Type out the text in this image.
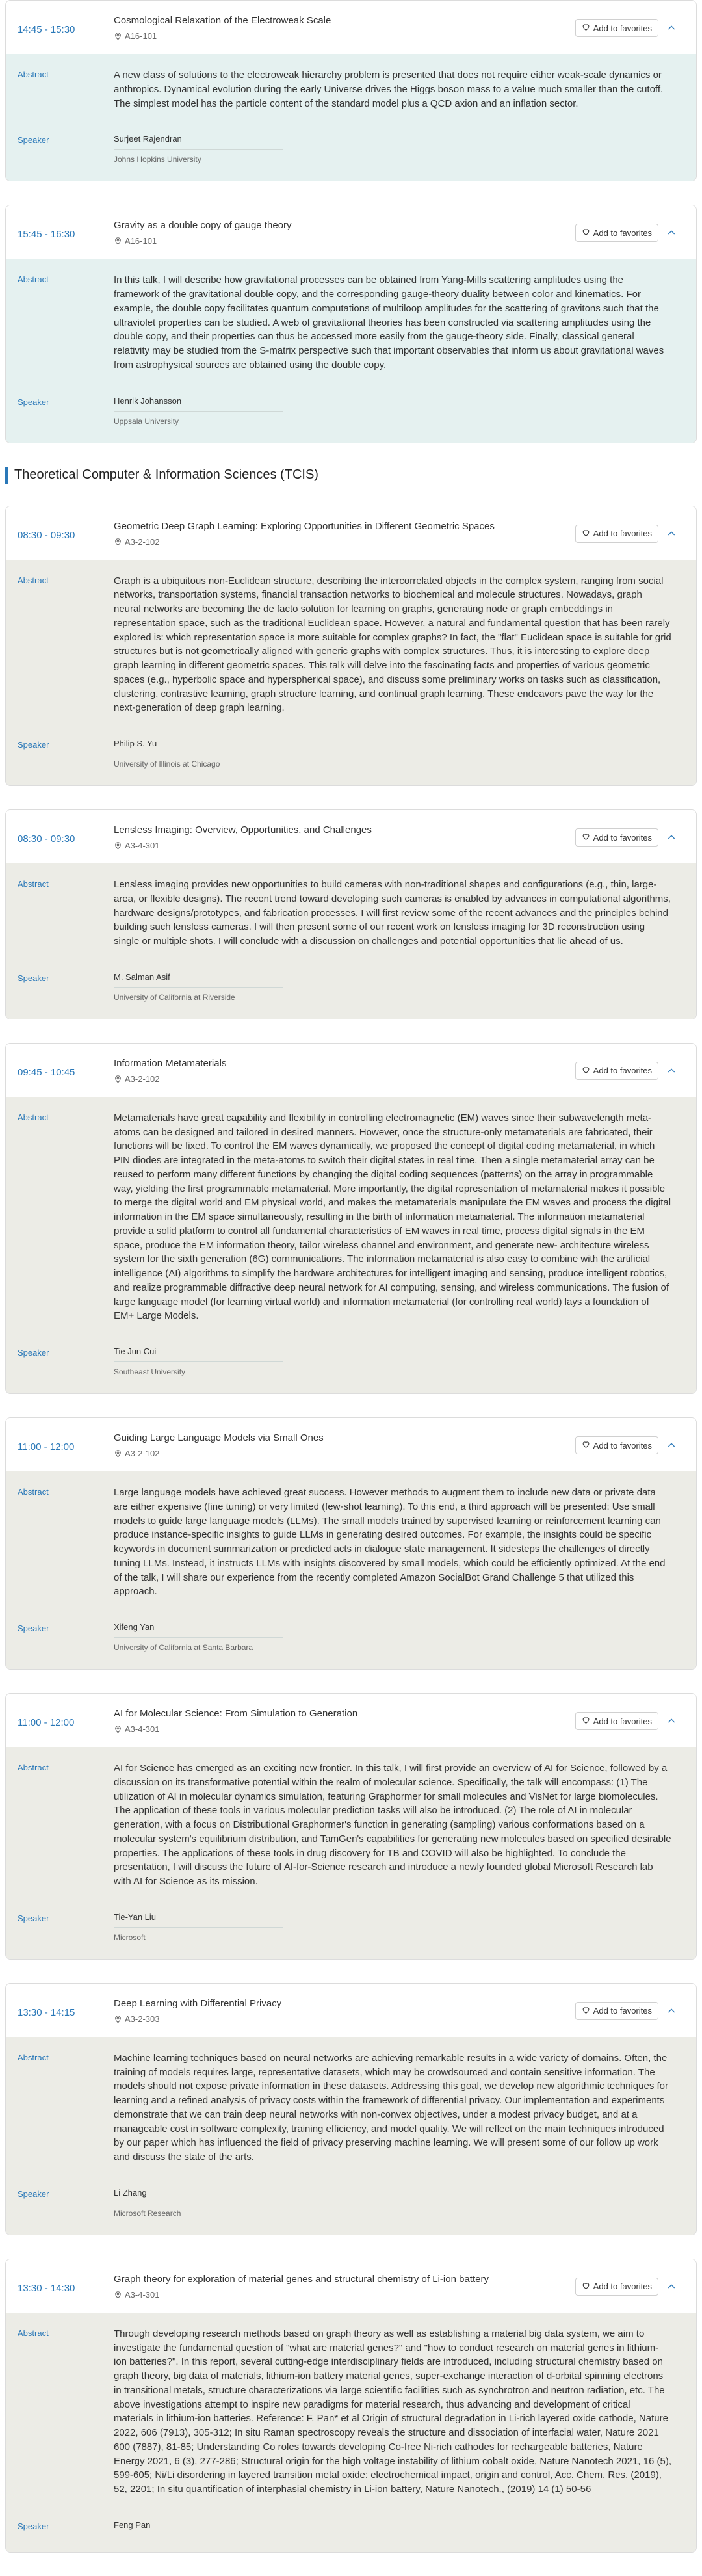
14:45 - 15:30
Cosmological Relaxation of the Electroweak Scale
A16-101
Add to favorites
Abstract	A new class of solutions to the electroweak hierarchy problem is presented that does not require either weak-scale dynamics or anthropics. Dynamical evolution during the early Universe drives the Higgs boson mass to a value much smaller than the cutoff. The simplest model has the particle content of the standard model plus a QCD axion and an inflation sector.
Speaker	Surjeet Rajendran
Johns Hopkins University
15:45 - 16:30
Gravity as a double copy of gauge theory
A16-101
Add to favorites
Abstract	In this talk, I will describe how gravitational processes can be obtained from Yang-Mills scattering amplitudes using the framework of the gravitational double copy, and the corresponding gauge-theory duality between color and kinematics. For example, the double copy facilitates quantum computations of multiloop amplitudes for the scattering of gravitons such that the ultraviolet properties can be studied. A web of gravitational theories has been constructed via scattering amplitudes using the double copy, and their properties can thus be accessed more easily from the gauge-theory side. Finally, classical general relativity may be studied from the S-matrix perspective such that important observables that inform us about gravitational waves from astrophysical sources are obtained using the double copy.
Speaker	Henrik Johansson
Uppsala University
Theoretical Computer & Information Sciences (TCIS)
08:30 - 09:30
Geometric Deep Graph Learning: Exploring Opportunities in Different Geometric Spaces
A3-2-102
Add to favorites
Abstract	Graph is a ubiquitous non-Euclidean structure, describing the intercorrelated objects in the complex system, ranging from social networks, transportation systems, financial transaction networks to biochemical and molecule structures. Nowadays, graph neural networks are becoming the de facto solution for learning on graphs, generating node or graph embeddings in representation space, such as the traditional Euclidean space. However, a natural and fundamental question that has been rarely explored is: which representation space is more suitable for complex graphs? In fact, the "flat" Euclidean space is suitable for grid structures but is not geometrically aligned with generic graphs with complex structures. Thus, it is interesting to explore deep graph learning in different geometric spaces. This talk will delve into the fascinating facts and properties of various geometric spaces (e.g., hyperbolic space and hyperspherical space), and discuss some preliminary works on tasks such as classification, clustering, contrastive learning, graph structure learning, and continual graph learning. These endeavors pave the way for the next-generation of deep graph learning.
Speaker	Philip S. Yu
University of Illinois at Chicago
08:30 - 09:30
Lensless Imaging: Overview, Opportunities, and Challenges
A3-4-301
Add to favorites
Abstract	Lensless imaging provides new opportunities to build cameras with non-traditional shapes and configurations (e.g., thin, large-area, or flexible designs). The recent trend toward developing such cameras is enabled by advances in computational algorithms, hardware designs/prototypes, and fabrication processes. I will first review some of the recent advances and the principles behind building such lensless cameras. I will then present some of our recent work on lensless imaging for 3D reconstruction using single or multiple shots. I will conclude with a discussion on challenges and potential opportunities that lie ahead of us.
Speaker	M. Salman Asif
University of California at Riverside
09:45 - 10:45
Information Metamaterials
A3-2-102
Add to favorites
Abstract	Metamaterials have great capability and flexibility in controlling electromagnetic (EM) waves since their subwavelength meta-atoms can be designed and tailored in desired manners. However, once the structure-only metamaterials are fabricated, their functions will be fixed. To control the EM waves dynamically, we proposed the concept of digital coding metamaterial, in which PIN diodes are integrated in the meta-atoms to switch their digital states in real time. Then a single metamaterial array can be reused to perform many different functions by changing the digital coding sequences (patterns) on the array in programmable way, yielding the first programmable metamaterial. More importantly, the digital representation of metamaterial makes it possible to merge the digital world and EM physical world, and makes the metamaterials manipulate the EM waves and process the digital information in the EM space simultaneously, resulting in the birth of information metamaterial. The information metamaterial provide a solid platform to control all fundamental characteristics of EM waves in real time, process digital signals in the EM space, produce the EM information theory, tailor wireless channel and environment, and generate new- architecture wireless system for the sixth generation (6G) communications. The information metamaterial is also easy to combine with the artificial intelligence (AI) algorithms to simplify the hardware architectures for intelligent imaging and sensing, produce intelligent robotics, and realize programmable diffractive deep neural network for AI computing, sensing, and wireless communications. The fusion of large language model (for learning virtual world) and information metamaterial (for controlling real world) lays a foundation of EM+ Large Models.
Speaker	Tie Jun Cui
Southeast University
11:00 - 12:00
Guiding Large Language Models via Small Ones
A3-2-102
Add to favorites
Abstract	Large language models have achieved great success. However methods to augment them to include new data or private data are either expensive (fine tuning) or very limited (few-shot learning). To this end, a third approach will be presented: Use small models to guide large language models (LLMs). The small models trained by supervised learning or reinforcement learning can produce instance-specific insights to guide LLMs in generating desired outcomes. For example, the insights could be specific keywords in document summarization or predicted acts in dialogue state management. It sidesteps the challenges of directly tuning LLMs. Instead, it instructs LLMs with insights discovered by small models, which could be efficiently optimized. At the end of the talk, I will share our experience from the recently completed Amazon SocialBot Grand Challenge 5 that utilized this approach.
Speaker	Xifeng Yan
University of California at Santa Barbara
11:00 - 12:00
AI for Molecular Science: From Simulation to Generation
A3-4-301
Add to favorites
Abstract	AI for Science has emerged as an exciting new frontier. In this talk, I will first provide an overview of AI for Science, followed by a discussion on its transformative potential within the realm of molecular science. Specifically, the talk will encompass: (1) The utilization of AI in molecular dynamics simulation, featuring Graphormer for small molecules and VisNet for large biomolecules. The application of these tools in various molecular prediction tasks will also be introduced. (2) The role of AI in molecular generation, with a focus on Distributional Graphormer's function in generating (sampling) various conformations based on a molecular system's equilibrium distribution, and TamGen's capabilities for generating new molecules based on specified desirable properties. The applications of these tools in drug discovery for TB and COVID will also be highlighted. To conclude the presentation, I will discuss the future of AI-for-Science research and introduce a newly founded global Microsoft Research lab with AI for Science as its mission.
Speaker	Tie-Yan Liu
Microsoft
13:30 - 14:15
Deep Learning with Differential Privacy
A3-2-303
Add to favorites
Abstract	Machine learning techniques based on neural networks are achieving remarkable results in a wide variety of domains. Often, the training of models requires large, representative datasets, which may be crowdsourced and contain sensitive information. The models should not expose private information in these datasets. Addressing this goal, we develop new algorithmic techniques for learning and a refined analysis of privacy costs within the framework of differential privacy. Our implementation and experiments demonstrate that we can train deep neural networks with non-convex objectives, under a modest privacy budget, and at a manageable cost in software complexity, training efficiency, and model quality. We will reflect on the main techniques introduced by our paper which has influenced the field of privacy preserving machine learning. We will present some of our follow up work and discuss the state of the arts.
Speaker	Li Zhang
Microsoft Research
13:30 - 14:30
Graph theory for exploration of material genes and structural chemistry of Li-ion battery
A3-4-301
Add to favorites
Abstract	Through developing research methods based on graph theory as well as establishing a material big data system, we aim to investigate the fundamental question of "what are material genes?" and "how to conduct research on material genes in lithium-ion batteries?". In this report, several cutting-edge interdisciplinary fields are introduced, including structural chemistry based on graph theory, big data of materials, lithium-ion battery material genes, super-exchange interaction of d-orbital spinning electrons in transitional metals, structure characterizations via large scientific facilities such as synchrotron and neutron radiation, etc. The above investigations attempt to inspire new paradigms for material research, thus advancing and development of critical materials in lithium-ion batteries. Reference: F. Pan* et al Origin of structural degradation in Li-rich layered oxide cathode, Nature 2022, 606 (7913), 305-312; In situ Raman spectroscopy reveals the structure and dissociation of interfacial water, Nature 2021 600 (7887), 81-85; Understanding Co roles towards developing Co-free Ni-rich cathodes for rechargeable batteries, Nature Energy 2021, 6 (3), 277-286; Structural origin for the high voltage instability of lithium cobalt oxide, Nature Nanotech 2021, 16 (5), 599-605; Ni/Li disordering in layered transition metal oxide: electrochemical impact, origin and control, Acc. Chem. Res. (2019), 52, 2201; In situ quantification of interphasial chemistry in Li-ion battery, Nature Nanotech., (2019) 14 (1) 50-56
Speaker	Feng Pan
